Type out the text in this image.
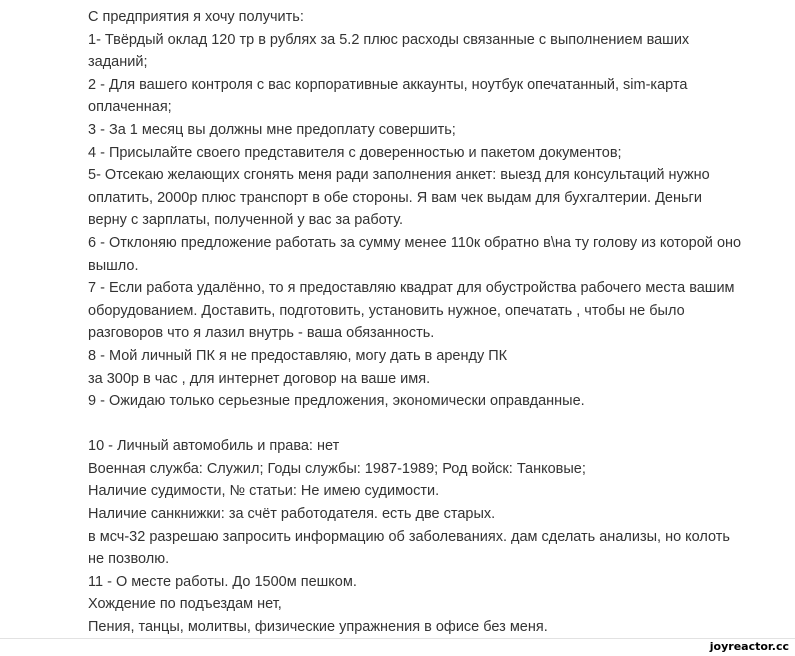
С предприятия я хочу получить:
1- Твёрдый оклад 120 тр в рублях за 5.2 плюс расходы связанные с выполнением ваших
заданий;
2 - Для вашего контроля с вас корпоративные аккаунты, ноутбук опечатанный, sim-карта
оплаченная;
3 - За 1 месяц вы должны мне предоплату совершить;
4 - Присылайте своего представителя с доверенностью и пакетом документов;
5- Отсекаю желающих сгонять меня ради заполнения анкет: выезд для консультаций нужно
оплатить, 2000р плюс транспорт в обе стороны. Я вам чек выдам для бухгалтерии. Деньги
верну с зарплаты, полученной у вас за работу.
6 - Отклоняю предложение работать за сумму менее 110к обратно в\на ту голову из которой оно
вышло.
7 - Если работа удалённо, то я предоставляю квадрат для обустройства рабочего места вашим
оборудованием. Доставить, подготовить, установить нужное, опечатать , чтобы не было
разговоров что я лазил внутрь - ваша обязанность.
8 - Мой личный ПК я не предоставляю, могу дать в аренду ПК
за 300р в час , для интернет договор на ваше имя.
9 - Ожидаю только серьезные предложения, экономически оправданные.
10 - Личный автомобиль и права: нет
Военная служба: Служил; Годы службы: 1987-1989; Род войск: Танковые;
Наличие судимости, № статьи: Не имею судимости.
Наличие санкнижки: за счёт работодателя. есть две старых.
в мсч-32 разрешаю запросить информацию об заболеваниях. дам сделать анализы, но колоть
не позволю.
11 - О месте работы. До 1500м пешком.
Хождение по подъездам нет,
Пения, танцы, молитвы, физические упражнения в офисе без меня.
joyreactor.cc
